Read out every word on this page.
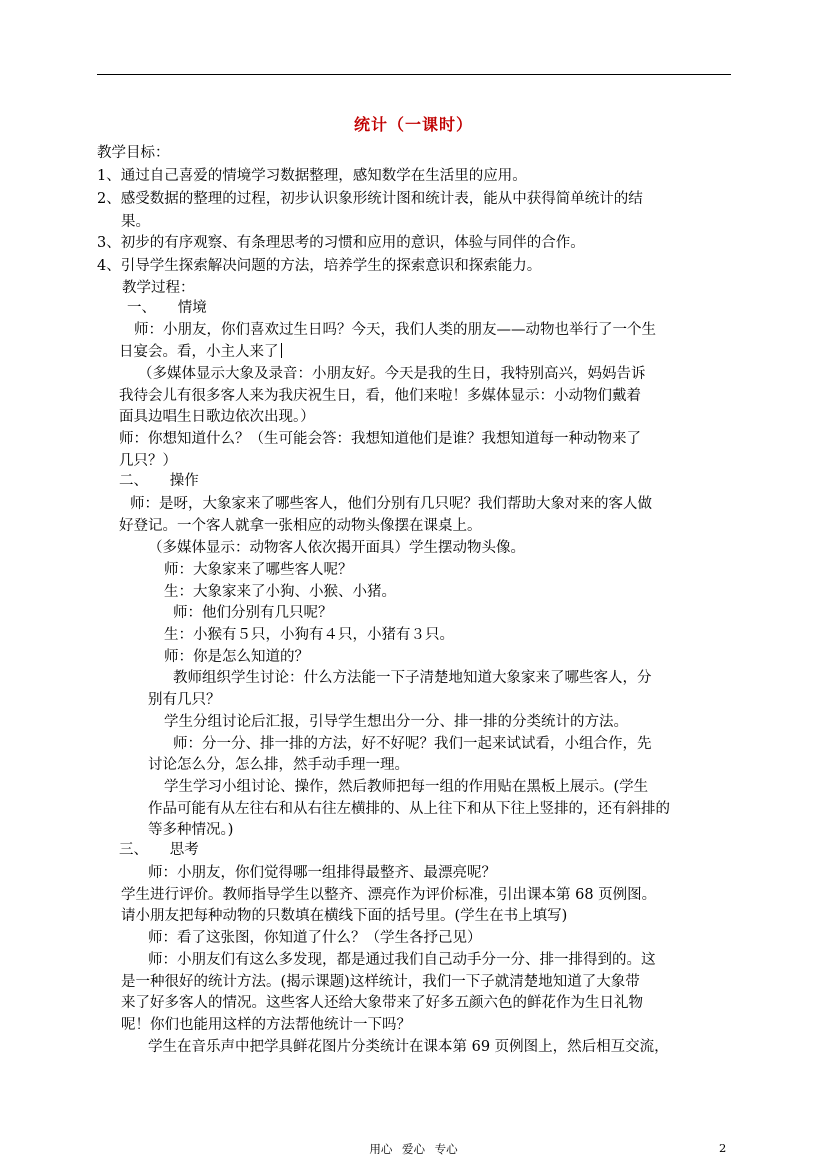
统计（一课时）
教学目标：
1、通过自己喜爱的情境学习数据整理，感知数学在生活里的应用。
2、感受数据的整理的过程，初步认识象形统计图和统计表，能从中获得简单统计的结
果。
3、初步的有序观察、有条理思考的习惯和应用的意识，体验与同伴的合作。
4、引导学生探索解决问题的方法，培养学生的探索意识和探索能力。
教学过程：
一、　　情境
师：小朋友，你们喜欢过生日吗？今天，我们人类的朋友——动物也举行了一个生
日宴会。看，小主人来了
（多媒体显示大象及录音：小朋友好。今天是我的生日，我特别高兴，妈妈告诉
我待会儿有很多客人来为我庆祝生日，看，他们来啦！多媒体显示：小动物们戴着
面具边唱生日歌边依次出现。）
师：你想知道什么？（生可能会答：我想知道他们是谁？我想知道每一种动物来了
几只？）
二、　　操作
师：是呀，大象家来了哪些客人，他们分别有几只呢？我们帮助大象对来的客人做
好登记。一个客人就拿一张相应的动物头像摆在课桌上。
（多媒体显示：动物客人依次揭开面具）学生摆动物头像。
师：大象家来了哪些客人呢？
生：大象家来了小狗、小猴、小猪。
师：他们分别有几只呢？
生：小猴有５只，小狗有４只，小猪有３只。
师：你是怎么知道的？
教师组织学生讨论：什么方法能一下子清楚地知道大象家来了哪些客人，分
别有几只？
学生分组讨论后汇报，引导学生想出分一分、排一排的分类统计的方法。
师：分一分、排一排的方法，好不好呢？我们一起来试试看，小组合作，先
讨论怎么分，怎么排，然手动手理一理。
学生学习小组讨论、操作，然后教师把每一组的作用贴在黑板上展示。(学生
作品可能有从左往右和从右往左横排的、从上往下和从下往上竖排的，还有斜排的
等多种情况。)
三、　　思考
师：小朋友，你们觉得哪一组排得最整齐、最漂亮呢？
学生进行评价。教师指导学生以整齐、漂亮作为评价标准，引出课本第 68 页例图。
请小朋友把每种动物的只数填在横线下面的括号里。(学生在书上填写)
师：看了这张图，你知道了什么？（学生各抒己见）
师：小朋友们有这么多发现，都是通过我们自己动手分一分、排一排得到的。这
是一种很好的统计方法。(揭示课题)这样统计，我们一下子就清楚地知道了大象带
来了好多客人的情况。这些客人还给大象带来了好多五颜六色的鲜花作为生日礼物
呢！你们也能用这样的方法帮他统计一下吗？
学生在音乐声中把学具鲜花图片分类统计在课本第 69 页例图上，然后相互交流，
用心 爱心 专心	2
